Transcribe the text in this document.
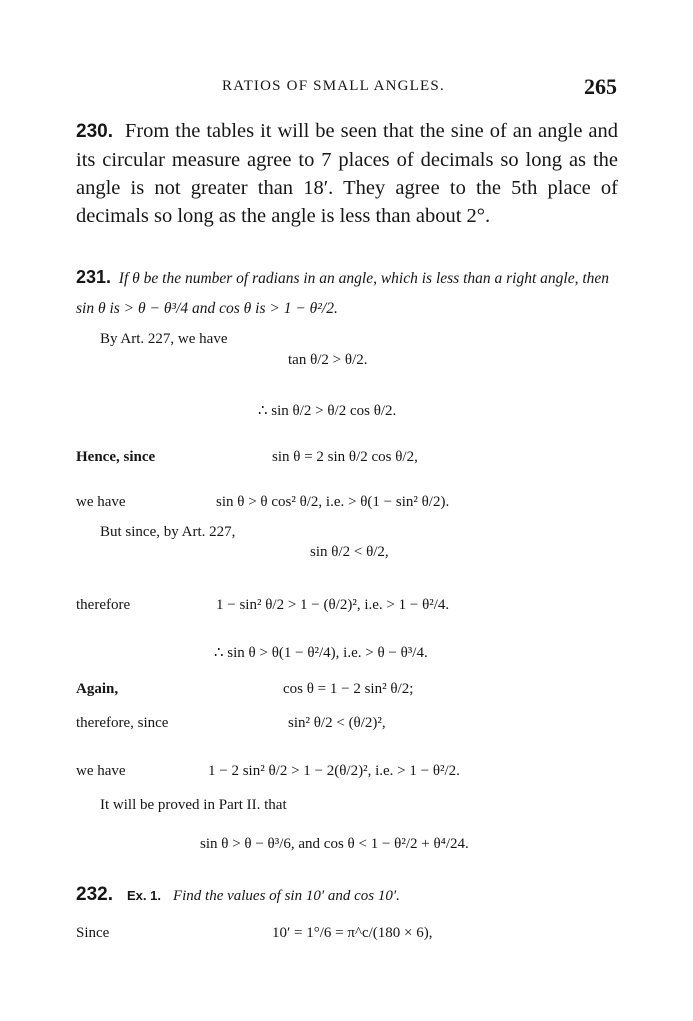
RATIOS OF SMALL ANGLES.	265
230. From the tables it will be seen that the sine of an angle and its circular measure agree to 7 places of decimals so long as the angle is not greater than 18′. They agree to the 5th place of decimals so long as the angle is less than about 2°.
231. If θ be the number of radians in an angle, which is less than a right angle, then sin θ is > θ − θ³/4 and cos θ is > 1 − θ²/2.
By Art. 227, we have
tan θ/2 > θ/2.
∴ sin θ/2 > θ/2 cos θ/2.
Hence, since	sin θ = 2 sin θ/2 cos θ/2,
we have	sin θ > θ cos² θ/2, i.e. > θ(1 − sin² θ/2).
But since, by Art. 227,
sin θ/2 < θ/2,
therefore	1 − sin² θ/2 > 1 − (θ/2)², i.e. > 1 − θ²/4.
∴ sin θ > θ(1 − θ²/4), i.e. > θ − θ³/4.
Again,	cos θ = 1 − 2 sin² θ/2;
therefore, since	sin² θ/2 < (θ/2)²,
we have	1 − 2 sin² θ/2 > 1 − 2(θ/2)², i.e. > 1 − θ²/2.
It will be proved in Part II. that
sin θ > θ − θ³/6, and cos θ < 1 − θ²/2 + θ⁴/24.
232. Ex. 1. Find the values of sin 10′ and cos 10′.
Since	10′ = 1°/6 = π^c/(180 × 6),
